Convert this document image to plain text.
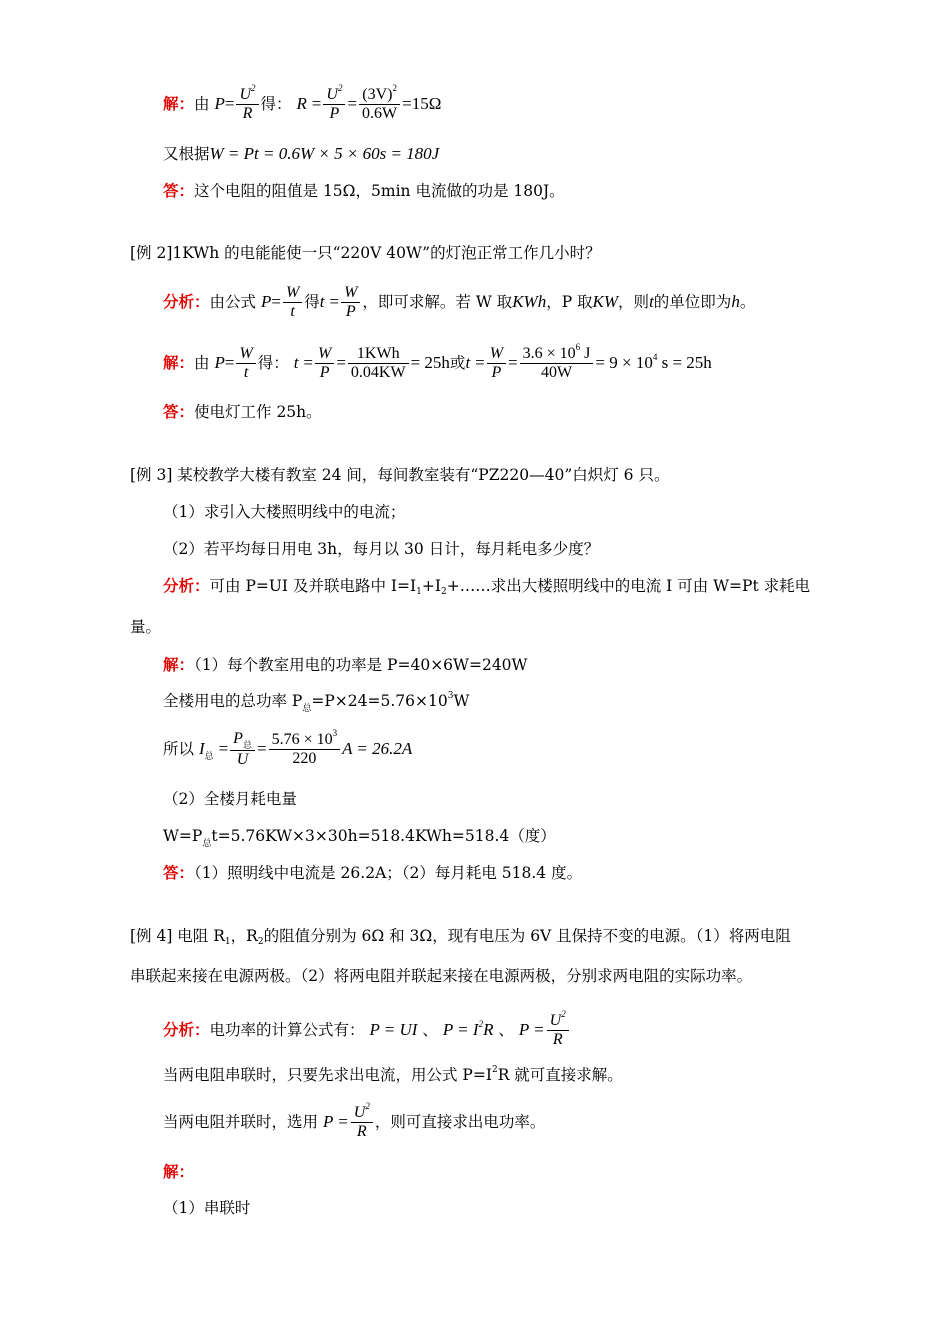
解：由 $P= \frac{U^2}{R}$ 得： $R = \frac{U^2}{P} = \frac{(3V)^2}{0.6W} =15\Omega$
又根据W = Pt = 0.6W × 5 × 60s = 180J
答：这个电阻的阻值是 15Ω，5min 电流做的功是 180J。
[例 2]1KWh 的电能能使一只“220V 40W”的灯泡正常工作几小时？
分析：由公式 $P= \frac{W}{t}$ 得$t = \frac{W}{P}$ ，即可求解。若 W 取KWh，P 取KW，则t的单位即为h。
解：由 $P= \frac{W}{t}$ 得： $t = \frac{W}{P} = \frac{\text{1KWh}}{0.04KW} = 25h$或$t = \frac{W}{P} = \frac{3.6 \times 10^6 J}{40W} = 9 \times 10^4$ s = 25h
答：使电灯工作 25h。
[例 3] 某校教学大楼有教室 24 间，每间教室装有“PZ220—40”白炽灯 6 只。
（1）求引入大楼照明线中的电流；
（2）若平均每日用电 3h，每月以 30 日计，每月耗电多少度？
分析：可由 P=UI 及并联电路中 $I=I_1+I_2+\dots\dots$求出大楼照明线中的电流 I 可由 W=Pt 求耗电
量。
解：（1）每个教室用电的功率是 P=40×6W=240W
全楼用电的总功率 $P_总=P\times 24=5.76\times 10^3W$
所以 $I_总 = \frac{P_总}{U} = \frac{5.76 \times 10^3}{220}$ A = 26.2A
（2）全楼月耗电量
$W=P_总t=5.76KW\times 3\times 30h=518.4KWh=518.4$（度）
答：（1）照明线中电流是 26.2A；（2）每月耗电 518.4 度。
[例 4] 电阻 $R_1$，$R_2$的阻值分别为 6Ω 和 3Ω，现有电压为 6V 且保持不变的电源。（1）将两电阻
串联起来接在电源两极。（2）将两电阻并联起来接在电源两极，分别求两电阻的实际功率。
分析：电功率的计算公式有： P = UI 、 $P = I^2R$ 、 $P = \frac{U^2}{R}$
当两电阻串联时，只要先求出电流，用公式 $P=I^2R$ 就可直接求解。
当两电阻并联时，选用 $P = \frac{U^2}{R}$ ，则可直接求出电功率。
解：
（1）串联时
